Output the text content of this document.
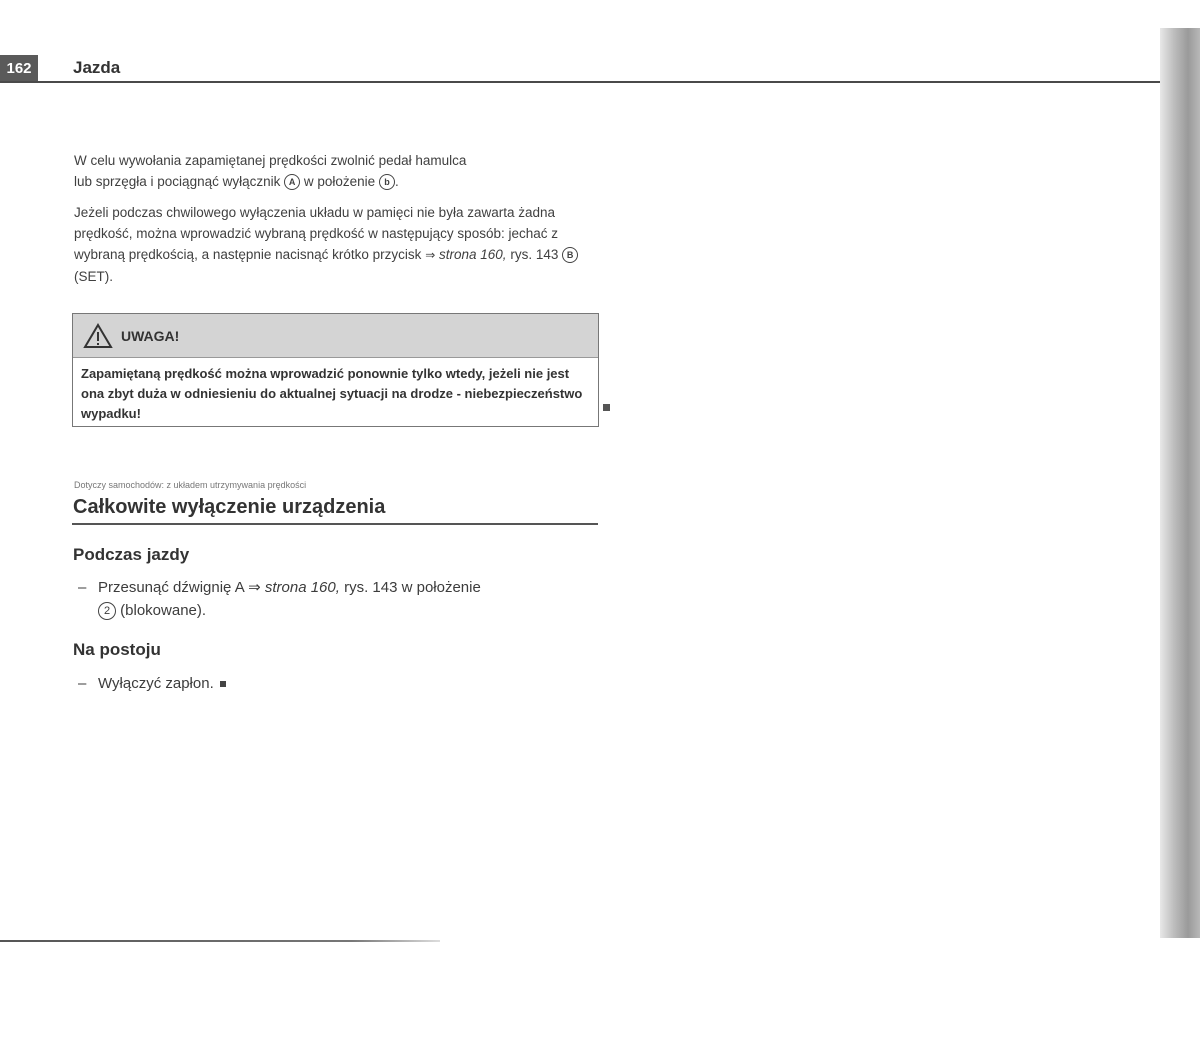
162	Jazda
W celu wywołania zapamiętanej prędkości zwolnić pedał hamulca
lub sprzęgła i pociągnąć wyłącznik A w położenie b .
Jeżeli podczas chwilowego wyłączenia układu w pamięci nie była zawarta żadna prędkość, można wprowadzić wybraną prędkość w następujący sposób: jechać z wybraną prędkością, a następnie nacisnąć krótko przycisk ⇒ strona 160, rys. 143 B (SET).
UWAGA!
Zapamiętaną prędkość można wprowadzić ponownie tylko wtedy, jeżeli nie jest ona zbyt duża w odniesieniu do aktualnej sytuacji na drodze - niebezpieczeństwo wypadku!
Dotyczy samochodów: z układem utrzymywania prędkości
Całkowite wyłączenie urządzenia
Podczas jazdy
– Przesunąć dźwignię A ⇒ strona 160, rys. 143 w położenie
2 (blokowane).
Na postoju
– Wyłączyć zapłon.
